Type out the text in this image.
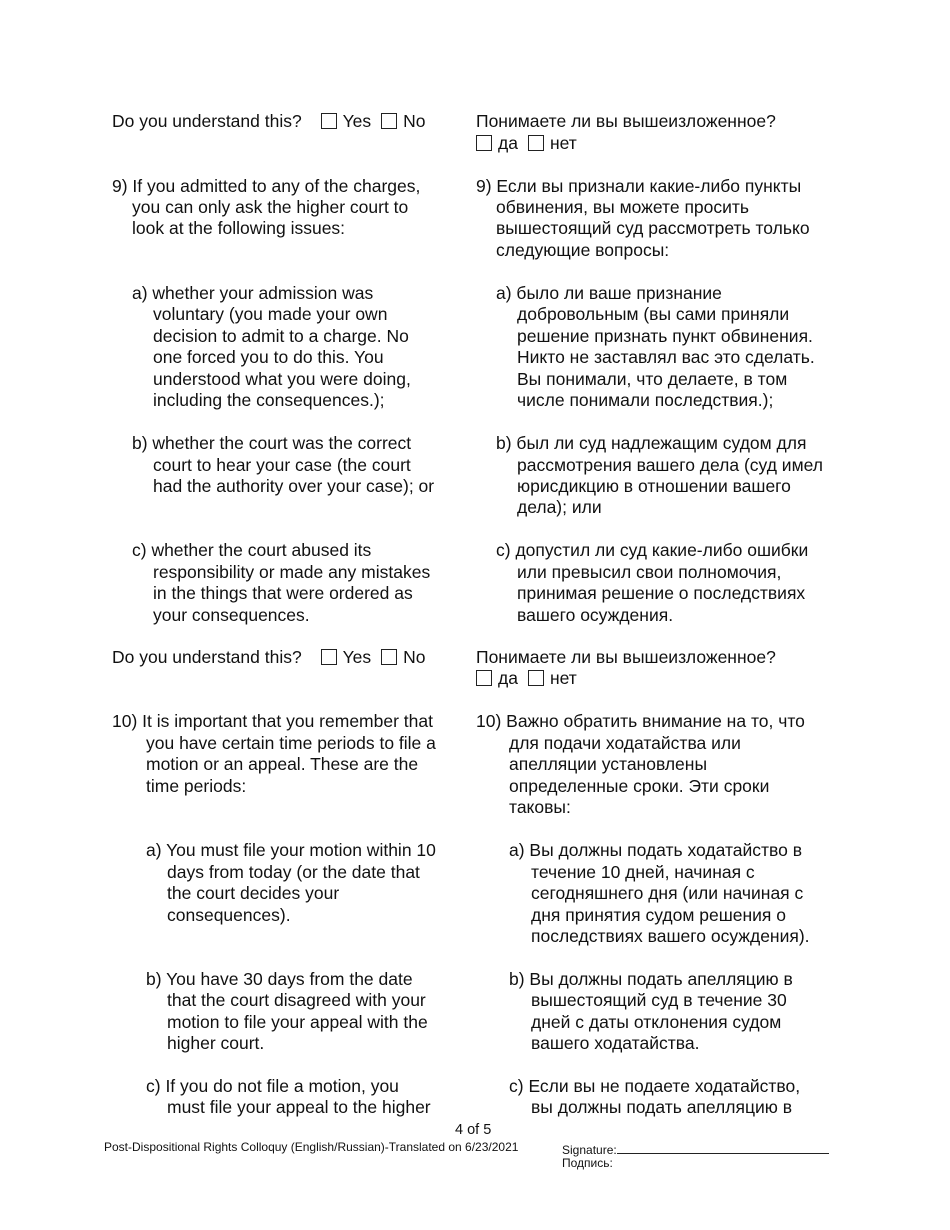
Do you understand this? Yes No	Понимаете ли вы вышеизложенное?
да нет
9) If you admitted to any of the charges,
you can only ask the higher court to
look at the following issues:
a) whether your admission was
voluntary (you made your own
decision to admit to a charge. No
one forced you to do this. You
understood what you were doing,
including the consequences.);
b) whether the court was the correct
court to hear your case (the court
had the authority over your case); or
c) whether the court abused its
responsibility or made any mistakes
in the things that were ordered as
your consequences.
9) Если вы признали какие-либо пункты
обвинения, вы можете просить
вышестоящий суд рассмотреть только
следующие вопросы:
a) было ли ваше признание
добровольным (вы сами приняли
решение признать пункт обвинения.
Никто не заставлял вас это сделать.
Вы понимали, что делаете, в том
числе понимали последствия.);
b) был ли суд надлежащим судом для
рассмотрения вашего дела (суд имел
юрисдикцию в отношении вашего
дела); или
c) допустил ли суд какие-либо ошибки
или превысил свои полномочия,
принимая решение о последствиях
вашего осуждения.
Do you understand this? Yes No	Понимаете ли вы вышеизложенное?
да нет
10) It is important that you remember that
you have certain time periods to file a
motion or an appeal. These are the
time periods:
a) You must file your motion within 10
days from today (or the date that
the court decides your
consequences).
b) You have 30 days from the date
that the court disagreed with your
motion to file your appeal with the
higher court.
c) If you do not file a motion, you
must file your appeal to the higher
10) Важно обратить внимание на то, что
для подачи ходатайства или
апелляции установлены
определенные сроки. Эти сроки
таковы:
a) Вы должны подать ходатайство в
течение 10 дней, начиная с
сегодняшнего дня (или начиная с
дня принятия судом решения о
последствиях вашего осуждения).
b) Вы должны подать апелляцию в
вышестоящий суд в течение 30
дней с даты отклонения судом
вашего ходатайства.
c) Если вы не подаете ходатайство,
вы должны подать апелляцию в
4 of 5
Post-Dispositional Rights Colloquy (English/Russian)-Translated on 6/23/2021	Signature:
Подпись:
